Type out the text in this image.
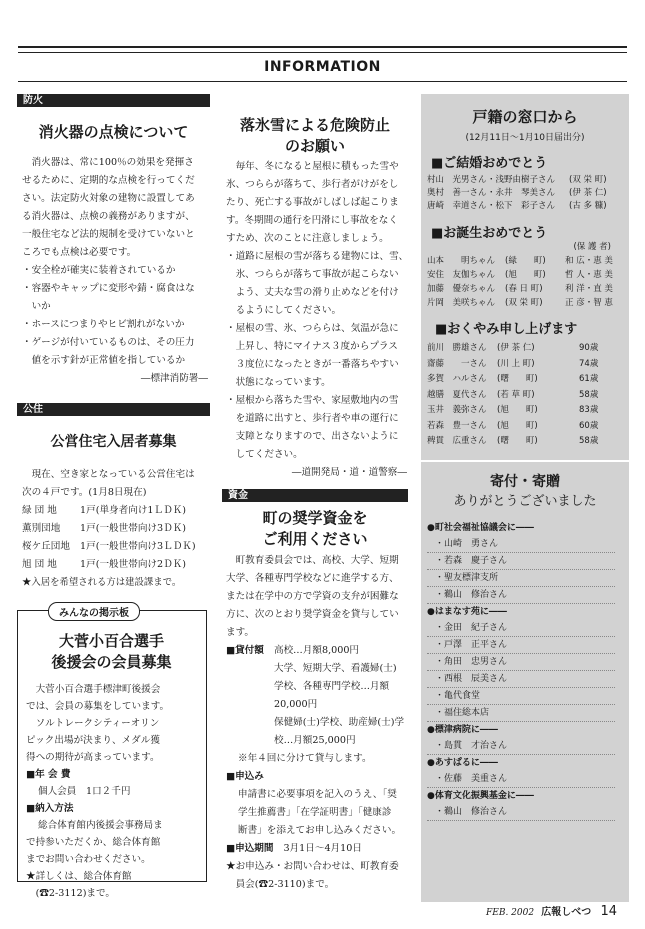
INFORMATION
防火
消火器の点検について

　消火器は、常に100％の効果を発揮さ

せるために、定期的な点検を行ってくだ

さい。法定防火対象の建物に設置してあ

る消火器は、点検の義務がありますが、

一般住宅など法的規制を受けていないと

ころでも点検は必要です。

・安全栓が確実に装着されているか

・容器やキャップに変形や錆・腐食はな

　いか

・ホースにつまりやヒビ割れがないか

・ゲージが付いているものは、その圧力

　値を示す針が正常値を指しているか

―標津消防署―

公住
公営住宅入居者募集

　現在、空き家となっている公営住宅は

次の４戸です。(1月8日現在)

緑 団 地	1戸(単身者向け1ＬＤＫ)
薫別団地	1戸(一般世帯向け3ＤＫ)
桜ケ丘団地	1戸(一般世帯向け3ＬＤＫ)
旭 団 地	1戸(一般世帯向け2ＤＫ)

★入居を希望される方は建設課まで。

みんなの掲示板
大菅小百合選手
後援会の会員募集

　大菅小百合選手標津町後援会

では、会員の募集をしています。

　ソルトレークシティーオリン

ピック出場が決まり、メダル獲

得への期待が高まっています。

■年 会 費

個人会員　1口２千円

■納入方法

総合体育館内後援会事務局ま

で持参いただくか、総合体育館

までお問い合わせください。

★詳しくは、総合体育館

　(☎2-3112)まで。

落氷雪による危険防止
のお願い

　毎年、冬になると屋根に積もった雪や

氷、つららが落ちて、歩行者がけがをし

たり、死亡する事故がしばしば起こりま

す。冬期間の通行を円滑にし事故をなく

すため、次のことに注意しましょう。

・道路に屋根の雪が落ちる建物には、雪、

　氷、つららが落ちて事故が起こらない

　よう、丈夫な雪の滑り止めなどを付け

　るようにしてください。

・屋根の雪、氷、つららは、気温が急に

　上昇し、特にマイナス３度からプラス

　３度位になったときが一番落ちやすい

　状態になっています。

・屋根から落ちた雪や、家屋敷地内の雪

　を道路に出すと、歩行者や車の運行に

　支障となりますので、出さないように

　してください。

―道開発局・道・道警察―

資金
町の奨学資金を
ご利用ください

　町教育委員会では、高校、大学、短期

大学、各種専門学校などに進学する方、

または在学中の方で学資の支弁が困難な

方に、次のとおり奨学資金を貸与してい

ます。

■貸付額	高校…月額8,000円

大学、短期大学、看護婦(士)

学校、各種専門学校…月額

20,000円

保健婦(士)学校、助産婦(士)学

校…月額25,000円

※年４回に分けて貸与します。

■申込み

申請書に必要事項を記入のうえ、「奨

学生推薦書」「在学証明書」「健康診

断書」を添えてお申し込みください。

■申込期間 3月1日～4月10日

★お申込み・お問い合わせは、町教育委

　員会(☎2-3110)まで。

戸籍の窓口から
(12月11日～1月10日届出分)
■ご結婚おめでとう
村山　光男さん ・浅野由樹子さん	(双 栄 町)
奥村　善一さん ・永井　琴美さん	(伊 茶 仁)
唐崎　幸道さん ・松下　彩子さん	(古 多 糠)
■お誕生おめでとう
(保 護 者)
山本　　明ちゃん	(緑　　町)	和 広・恵 美
安住　友伽ちゃん	(旭　　町)	哲 人・恵 美
加藤　優奈ちゃん	(春 日 町)	利 洋・直 美
片岡　美咲ちゃん	(双 栄 町)	正 彦・智 恵
■おくやみ申し上げます
前川　勝雄さん	(伊 茶 仁)	90歳
齋藤　　一さん	(川 上 町)	74歳
多賀　ハルさん	(曙　　町)	61歳
越膳　夏代さん	(若 草 町)	58歳
玉井　義弥さん	(旭　　町)	83歳
若森　豊一さん	(旭　　町)	60歳
稗貫　広重さん	(曙　　町)	58歳
寄付・寄贈
ありがとうございました
●町社会福祉協議会に――
・山崎　勇さん
・若森　慶子さん
・聖友標津支所
・鵜山　修治さん
●はまなす苑に――
・金田　紀子さん
・戸澤　正平さん
・角田　忠男さん
・西根　辰美さん
・亀代食堂
・福住総本店
●標津病院に――
・島貫　才治さん
●あすぱるに――
・佐藤　美重さん
●体育文化振興基金に――
・鵜山　修治さん
FEB. 2002 広報しべつ 14
